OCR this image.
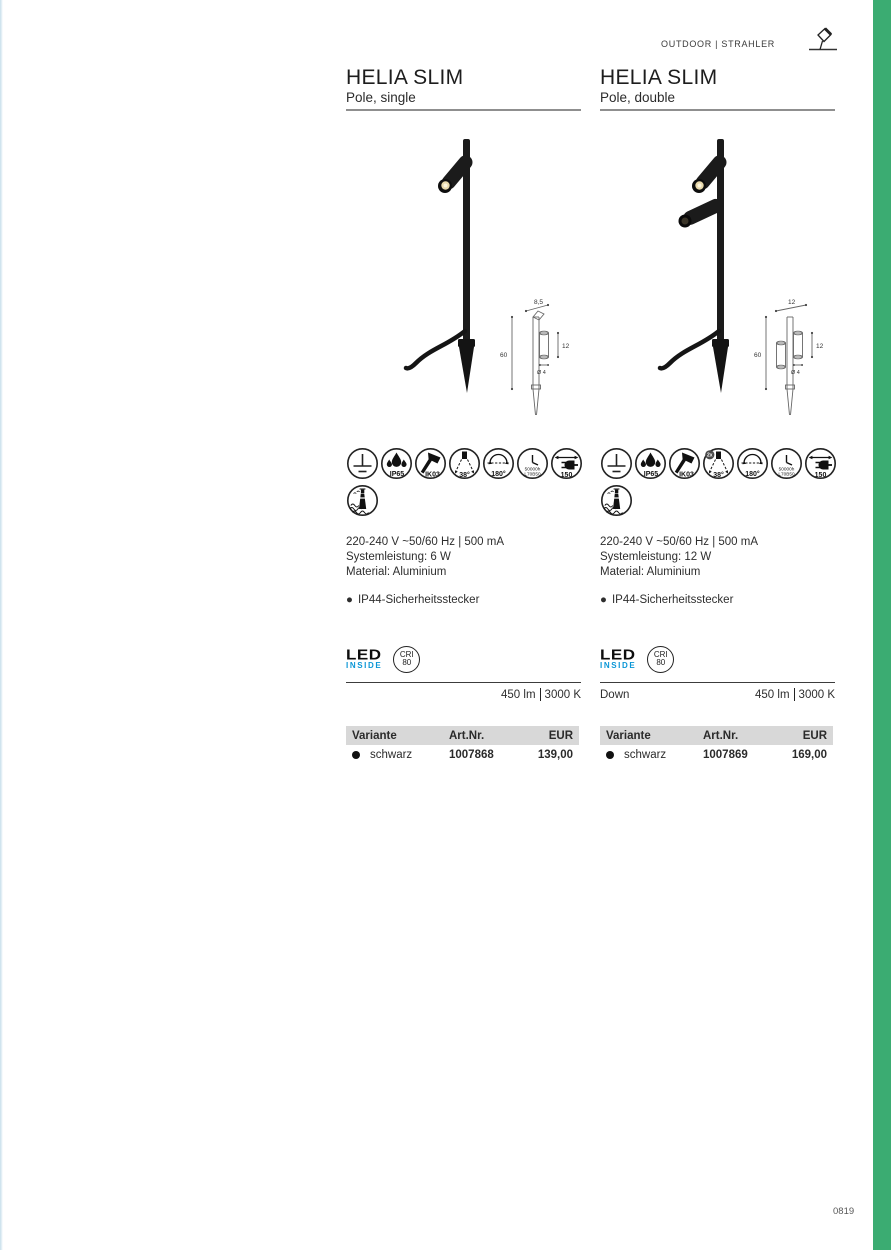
OUTDOOR | STRAHLER
HELIA SLIM
Pole, single
8,5
60
12
Ø 4
IP65	IK03	38°	180°
50000h
L70B50	150
220-240 V ~50/60 Hz | 500 mA
Systemleistung: 6 W
Material: Aluminium
● IP44-Sicherheitsstecker
LED
INSIDE
CRI
80
450 lm 3000 K
Variante	Art.Nr.	EUR
schwarz	1007868	139,00
HELIA SLIM
Pole, double
12
60
12
Ø 4
IP65	IK03
2x
38°	180°
50000h
L70B50	150
220-240 V ~50/60 Hz | 500 mA
Systemleistung: 12 W
Material: Aluminium
● IP44-Sicherheitsstecker
LED
INSIDE
CRI
80
Down	450 lm 3000 K
Variante	Art.Nr.	EUR
schwarz	1007869	169,00
0819
